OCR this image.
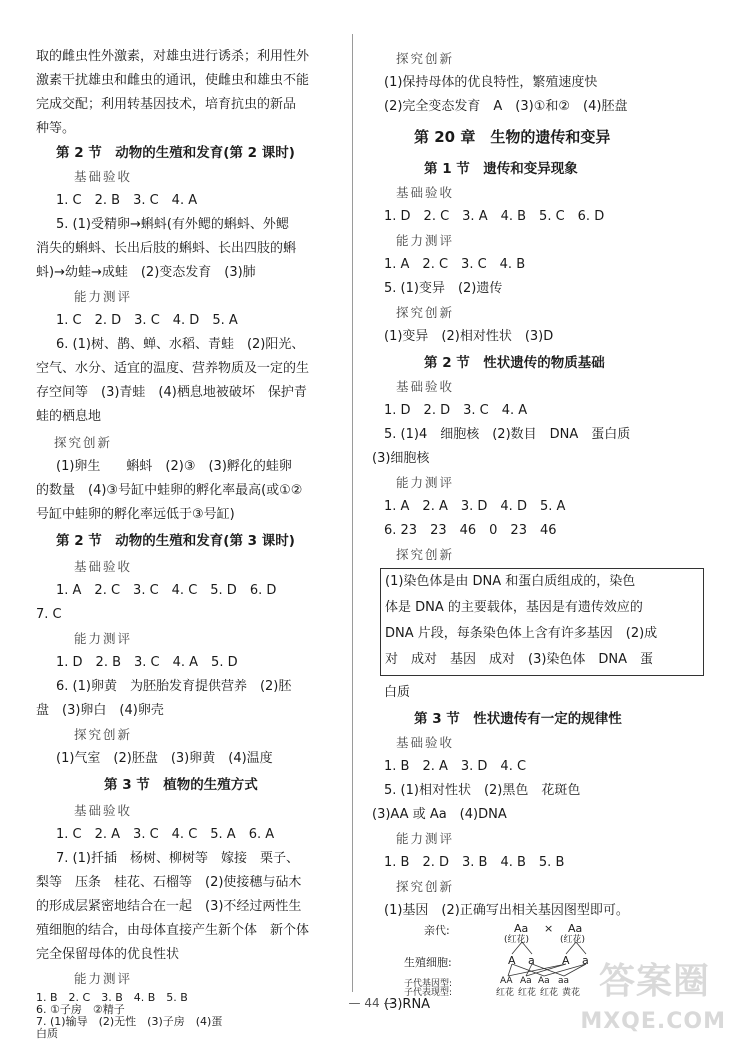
取的雌虫性外激素，对雄虫进行诱杀；利用性外
激素干扰雄虫和雌虫的通讯，使雌虫和雄虫不能
完成交配；利用转基因技术，培育抗虫的新品
种等。
第 2 节　动物的生殖和发育(第 2 课时)
基础验收
1. C　2. B　3. C　4. A
5. (1)受精卵→蝌蚪(有外鳃的蝌蚪、外鳃
消失的蝌蚪、长出后肢的蝌蚪、长出四肢的蝌
蚪)→幼蛙→成蛙　(2)变态发育　(3)肺
能力测评
1. C　2. D　3. C　4. D　5. A
6. (1)树、鹊、蝉、水稻、青蛙　(2)阳光、
空气、水分、适宜的温度、营养物质及一定的生
存空间等　(3)青蛙　(4)栖息地被破坏　保护青
蛙的栖息地
探究创新
(1)卵生　　蝌蚪　(2)③　(3)孵化的蛙卵
的数量　(4)③号缸中蛙卵的孵化率最高(或①②
号缸中蛙卵的孵化率远低于③号缸)
第 2 节　动物的生殖和发育(第 3 课时)
基础验收
1. A　2. C　3. C　4. C　5. D　6. D
7. C
能力测评
1. D　2. B　3. C　4. A　5. D
6. (1)卵黄　为胚胎发育提供营养　(2)胚
盘　(3)卵白　(4)卵壳
探究创新
(1)气室　(2)胚盘　(3)卵黄　(4)温度
第 3 节　植物的生殖方式
基础验收
1. C　2. A　3. C　4. C　5. A　6. A
7. (1)扦插　杨树、柳树等　嫁接　栗子、
梨等　压条　桂花、石榴等　(2)使接穗与砧木
的形成层紧密地结合在一起　(3)不经过两性生
殖细胞的结合，由母体直接产生新个体　新个体
完全保留母体的优良性状
探究创新
(1)保持母体的优良特性，繁殖速度快
(2)完全变态发育　A　(3)①和②　(4)胚盘
第 20 章　生物的遗传和变异
第 1 节　遗传和变异现象
基础验收
1. D　2. C　3. A　4. B　5. C　6. D
能力测评
1. A　2. C　3. C　4. B
5. (1)变异　(2)遗传
探究创新
(1)变异　(2)相对性状　(3)D
第 2 节　性状遗传的物质基础
基础验收
1. D　2. D　3. C　4. A
5. (1)4　细胞核　(2)数目　DNA　蛋白质
(3)细胞核
能力测评
1. A　2. A　3. D　4. D　5. A
6. 23　23　46　0　23　46
探究创新
(1)染色体是由 DNA 和蛋白质组成的，染色
体是 DNA 的主要载体，基因是有遗传效应的
DNA 片段，每条染色体上含有许多基因　(2)成
对　成对　基因　成对　(3)染色体　DNA　蛋
白质
第 3 节　性状遗传有一定的规律性
基础验收
1. B　2. A　3. D　4. C
5. (1)相对性状　(2)黑色　花斑色
(3)AA 或 Aa　(4)DNA
能力测评
1. B　2. D　3. B　4. B　5. B
探究创新
(1)基因　(2)正确写出相关基因图型即可。
亲代:	Aa × Aa
(红花)	(红花)
生殖细胞:	A a A a
子代基因型:	AA Aa Aa aa
子代表现型:	红花 红花 红花 黄花
(3)RNA
能力测评
— 44 —
答案圈
MXQE.COM
1. B　2. C　3. B　4. B　5. B
6. ①子房　②精子
7. (1)输导　(2)无性　(3)子房　(4)蛋
白质
